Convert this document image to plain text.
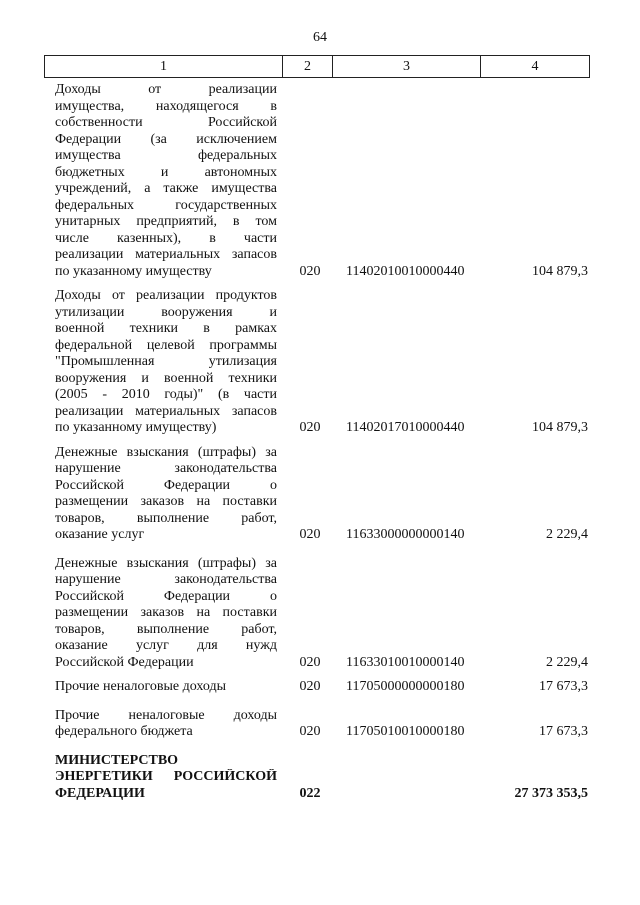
64
1	2	3	4
Доходы от реализации
имущества, находящегося в
собственности Российской
Федерации (за исключением
имущества федеральных
бюджетных и автономных
учреждений, а также имущества
федеральных государственных
унитарных предприятий, в том
числе казенных), в части
реализации материальных запасов
по указанному имуществу	020 11402010010000440	104 879,3
Доходы от реализации продуктов
утилизации вооружения и
военной техники в рамках
федеральной целевой программы
"Промышленная утилизация
вооружения и военной техники
(2005 - 2010 годы)" (в части
реализации материальных запасов
по указанному имуществу)	020 11402017010000440	104 879,3
Денежные взыскания (штрафы) за
нарушение законодательства
Российской Федерации о
размещении заказов на поставки
товаров, выполнение работ,
оказание услуг	020 11633000000000140	2 229,4
Денежные взыскания (штрафы) за
нарушение законодательства
Российской Федерации о
размещении заказов на поставки
товаров, выполнение работ,
оказание услуг для нужд
Российской Федерации	020 11633010010000140	2 229,4
Прочие неналоговые доходы	020 11705000000000180	17 673,3
Прочие неналоговые доходы
федерального бюджета	020 11705010010000180	17 673,3
МИНИСТЕРСТВО
ЭНЕРГЕТИКИ РОССИЙСКОЙ
ФЕДЕРАЦИИ	022	27 373 353,5
